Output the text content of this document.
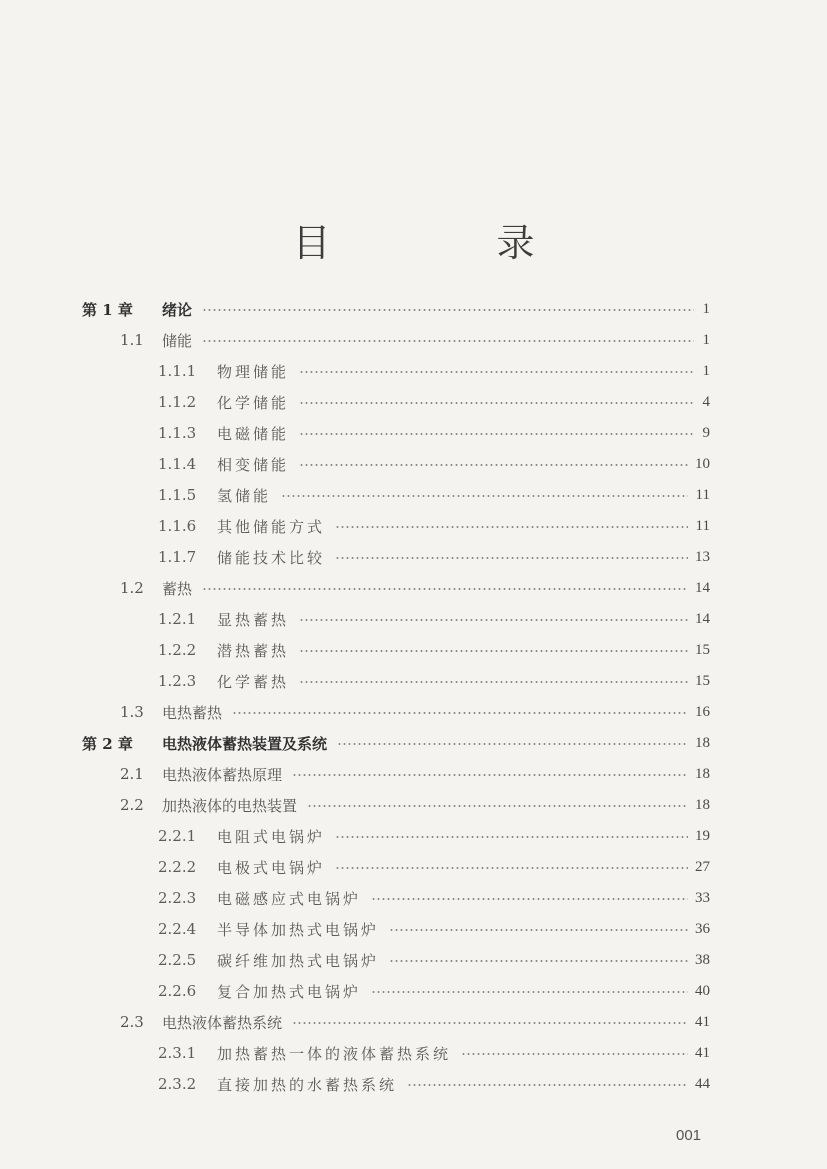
目　录
第 1 章 绪论	1
1.1 储能	1
1.1.1 物理储能	1
1.1.2 化学储能	4
1.1.3 电磁储能	9
1.1.4 相变储能	10
1.1.5 氢储能	11
1.1.6 其他储能方式	11
1.1.7 储能技术比较	13
1.2 蓄热	14
1.2.1 显热蓄热	14
1.2.2 潜热蓄热	15
1.2.3 化学蓄热	15
1.3 电热蓄热	16
第 2 章 电热液体蓄热装置及系统	18
2.1 电热液体蓄热原理	18
2.2 加热液体的电热装置	18
2.2.1 电阻式电锅炉	19
2.2.2 电极式电锅炉	27
2.2.3 电磁感应式电锅炉	33
2.2.4 半导体加热式电锅炉	36
2.2.5 碳纤维加热式电锅炉	38
2.2.6 复合加热式电锅炉	40
2.3 电热液体蓄热系统	41
2.3.1 加热蓄热一体的液体蓄热系统	41
2.3.2 直接加热的水蓄热系统	44
001
